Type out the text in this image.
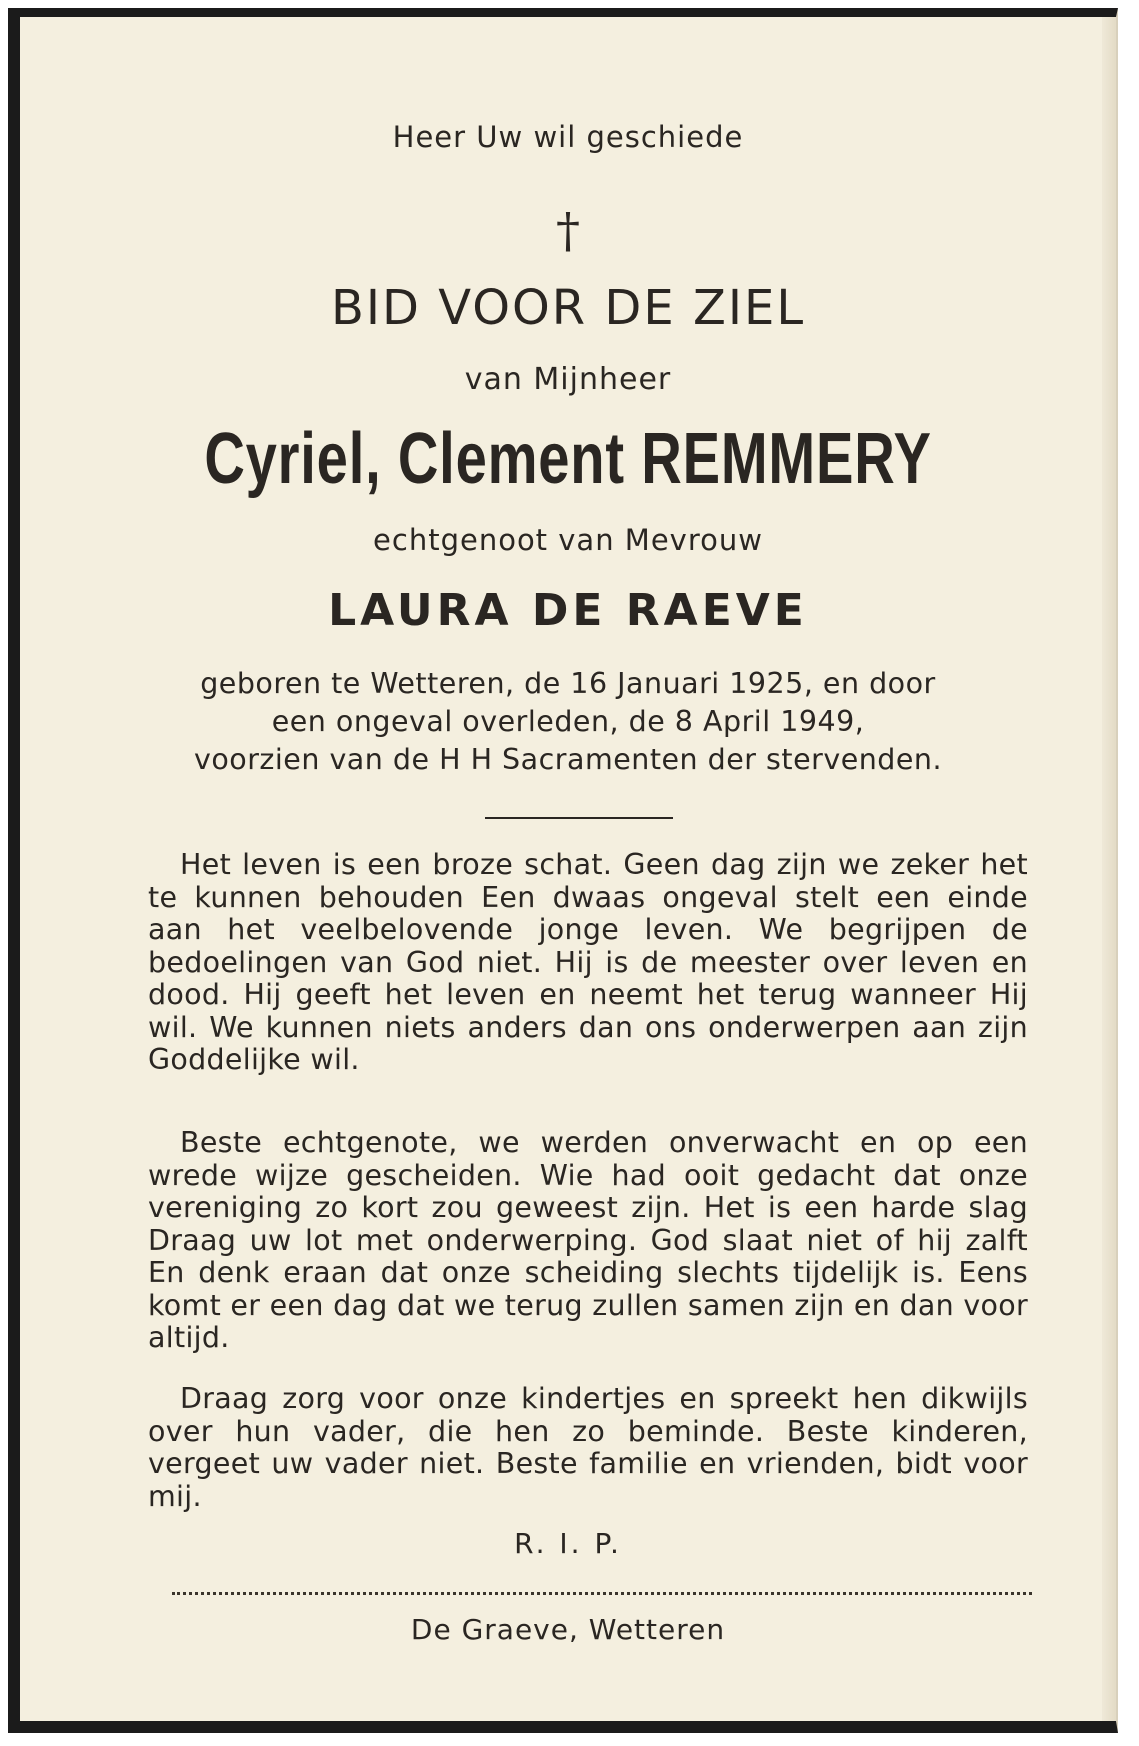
Heer Uw wil geschiede
†
BID VOOR DE ZIEL
van Mijnheer
Cyriel, Clement REMMERY
echtgenoot van Mevrouw
LAURA DE RAEVE
geboren te Wetteren, de 16 Januari 1925, en door
een ongeval overleden, de 8 April 1949,
voorzien van de H H Sacramenten der stervenden.
Het leven is een broze schat. Geen dag zijn we zeker het te kunnen behouden Een dwaas ongeval stelt een einde aan het veelbelovende jonge leven. We begrijpen de bedoelingen van God niet. Hij is de meester over leven en dood. Hij geeft het leven en neemt het terug wanneer Hij wil. We kunnen niets anders dan ons onderwerpen aan zijn Goddelijke wil.
Beste echtgenote, we werden onverwacht en op een wrede wijze gescheiden. Wie had ooit gedacht dat onze vereniging zo kort zou geweest zijn. Het is een harde slag Draag uw lot met onderwerping. God slaat niet of hij zalft En denk eraan dat onze scheiding slechts tijdelijk is. Eens komt er een dag dat we terug zullen samen zijn en dan voor altijd.
Draag zorg voor onze kindertjes en spreekt hen dikwijls over hun vader, die hen zo beminde. Beste kinderen, vergeet uw vader niet. Beste familie en vrienden, bidt voor mij.
R. I. P.
De Graeve, Wetteren
